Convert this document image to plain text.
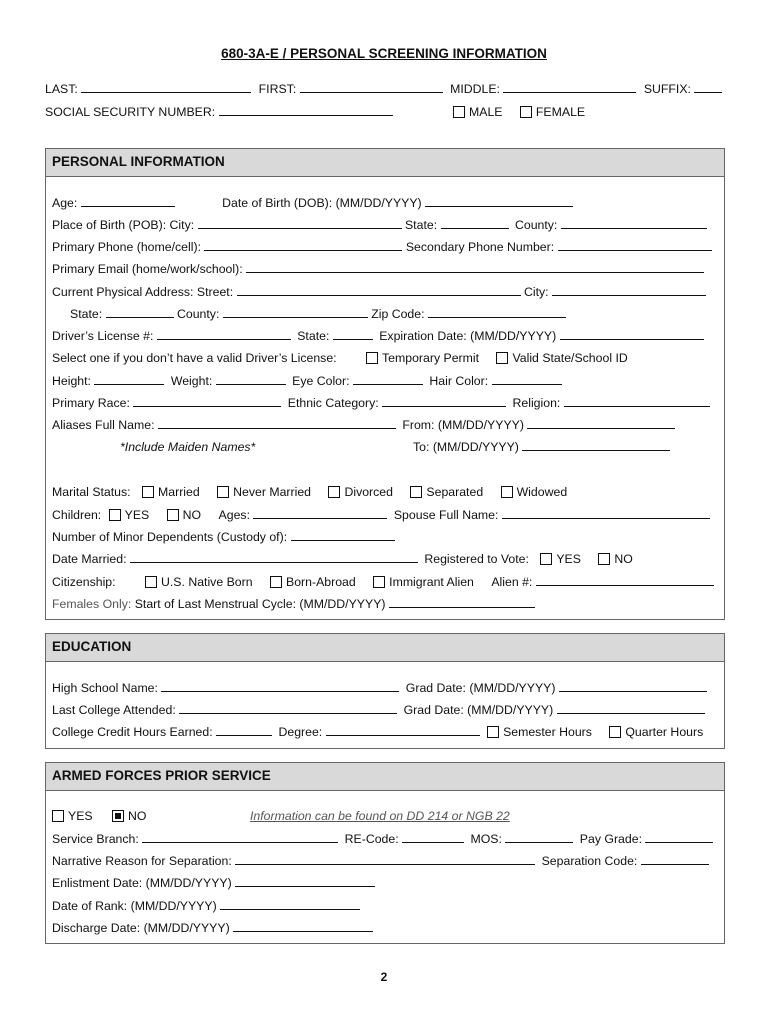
680-3A-E / PERSONAL SCREENING INFORMATION
LAST:	FIRST:	MIDDLE:	SUFFIX:
SOCIAL SECURITY NUMBER:	MALE	FEMALE
PERSONAL INFORMATION
Age:	Date of Birth (DOB): (MM/DD/YYYY)
Place of Birth (POB): City:	State:	County:
Primary Phone (home/cell):	Secondary Phone Number:
Primary Email (home/work/school):
Current Physical Address: Street:	City:
State:	County:	Zip Code:
Driver’s License #:	State:	Expiration Date: (MM/DD/YYYY)
Select one if you don’t have a valid Driver’s License:	Temporary Permit	Valid State/School ID
Height:	Weight:	Eye Color:	Hair Color:
Primary Race:	Ethnic Category:	Religion:
Aliases Full Name:	From: (MM/DD/YYYY)
*Include Maiden Names*	To: (MM/DD/YYYY)
Marital Status: Married	Never Married	Divorced	Separated	Widowed
Children: YES	NO Ages:	Spouse Full Name:
Number of Minor Dependents (Custody of):
Date Married:	Registered to Vote: YES	NO
Citizenship:	U.S. Native Born	Born-Abroad	Immigrant Alien Alien #:
Females Only: Start of Last Menstrual Cycle: (MM/DD/YYYY)
EDUCATION
High School Name:	Grad Date: (MM/DD/YYYY)
Last College Attended:	Grad Date: (MM/DD/YYYY)
College Credit Hours Earned:	Degree:	Semester Hours	Quarter Hours
ARMED FORCES PRIOR SERVICE
YES	NO	Information can be found on DD 214 or NGB 22
Service Branch:	RE-Code:	MOS:	Pay Grade:
Narrative Reason for Separation:	Separation Code:
Enlistment Date: (MM/DD/YYYY)
Date of Rank: (MM/DD/YYYY)
Discharge Date: (MM/DD/YYYY)
2
